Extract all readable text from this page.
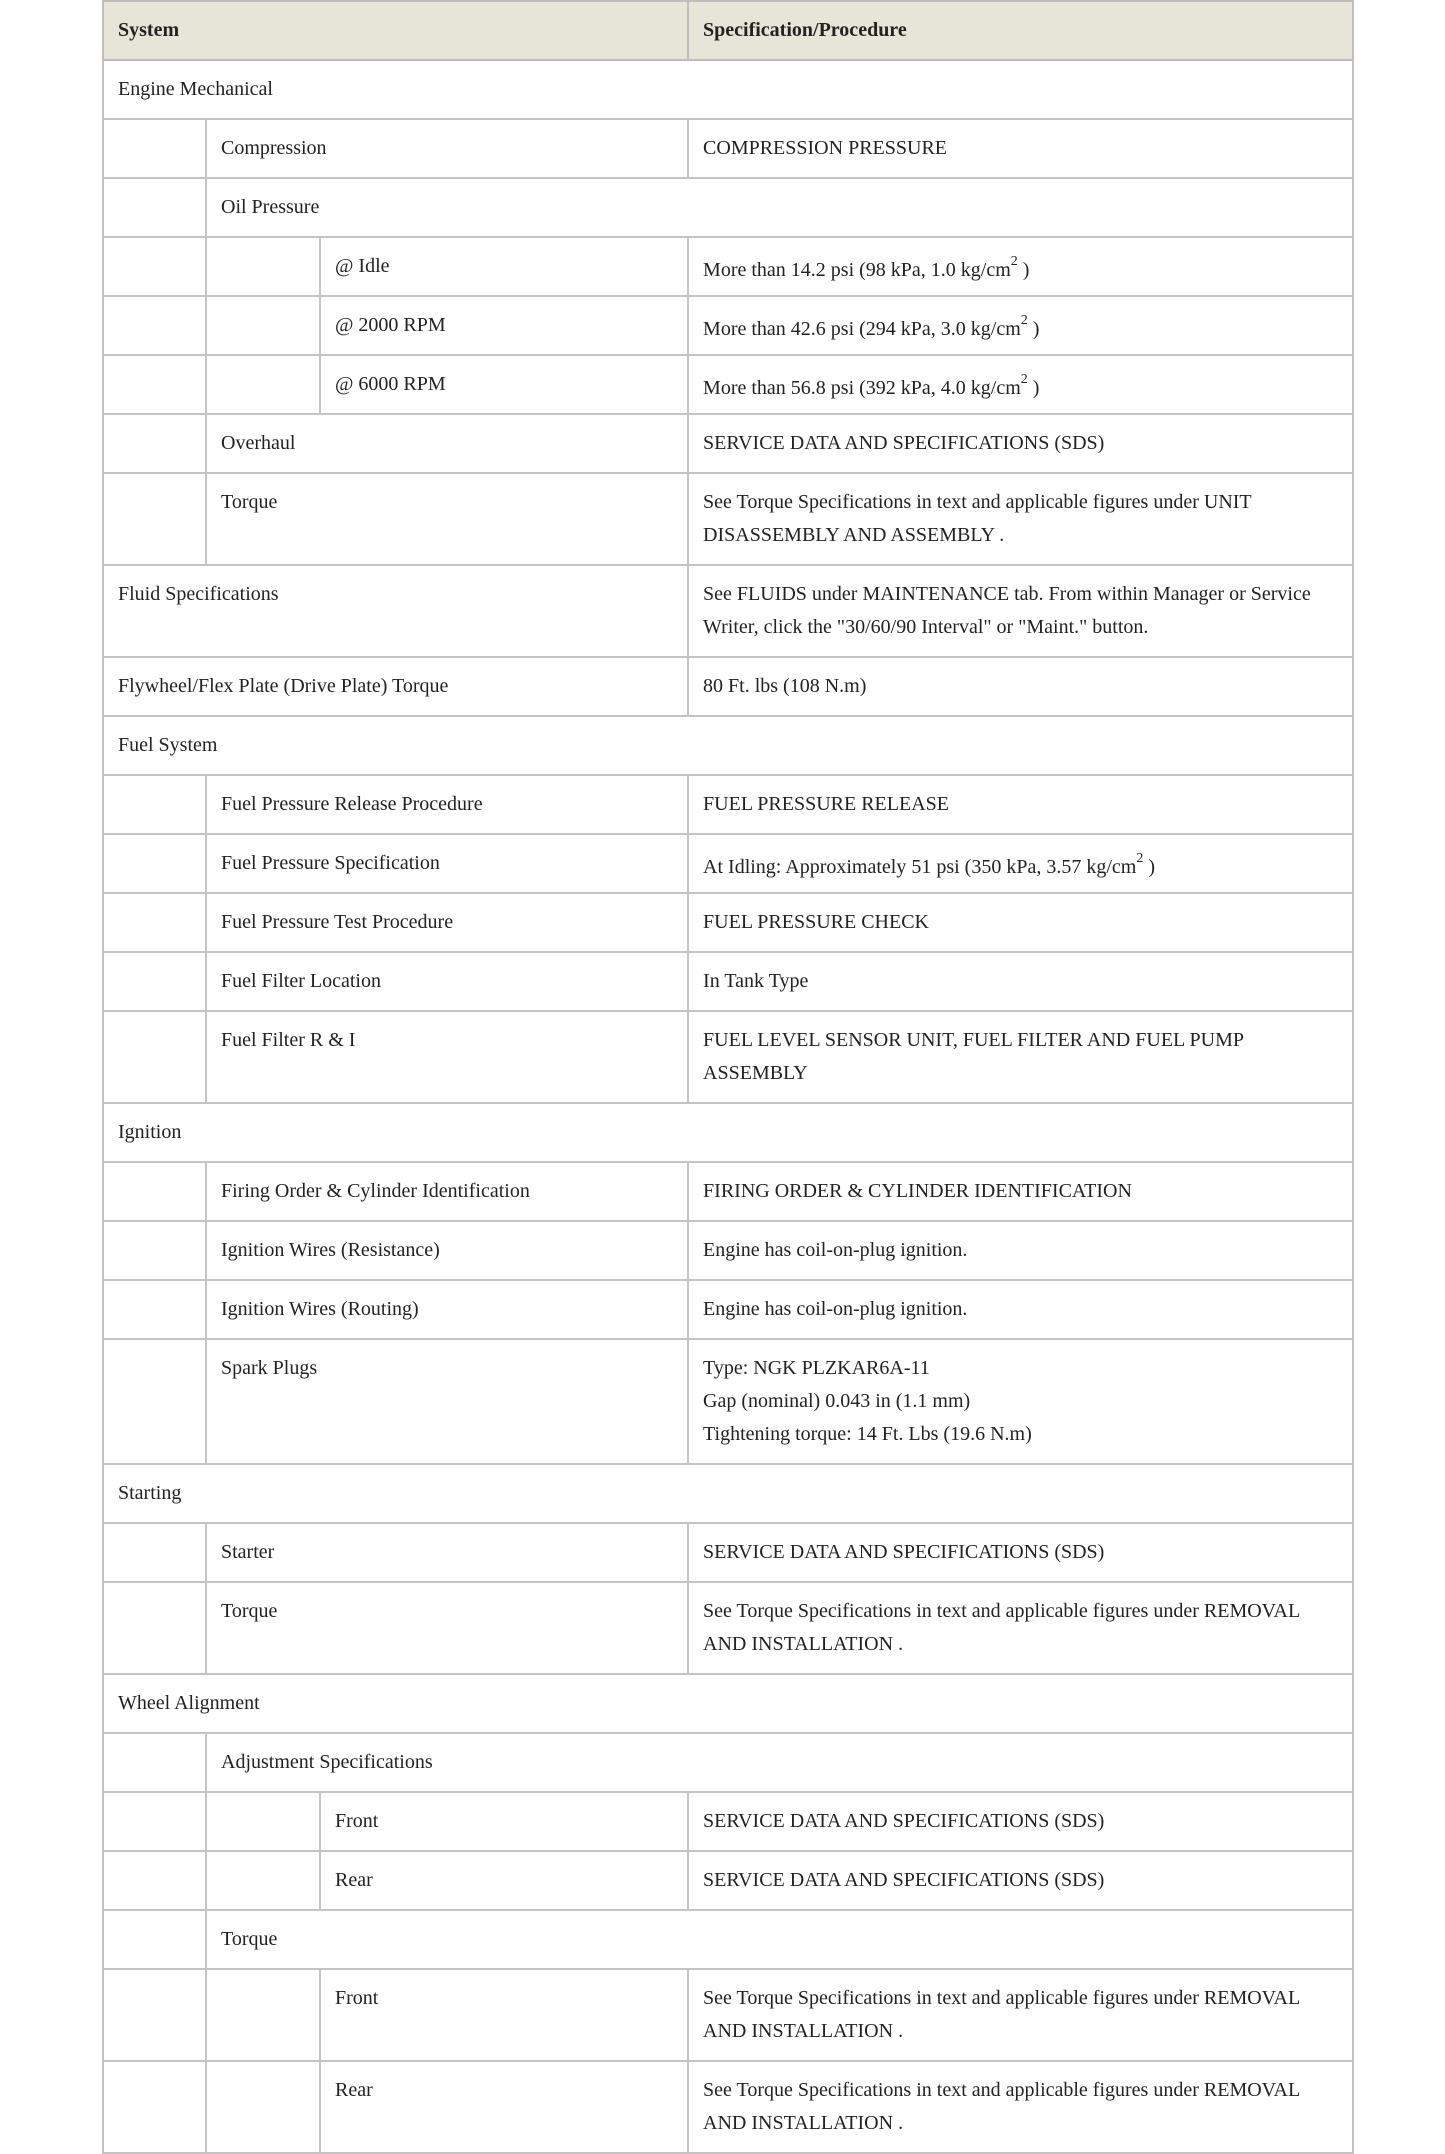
System			Specification/Procedure
Engine Mechanical			
	Compression		COMPRESSION PRESSURE
	Oil Pressure		
		@ Idle	More than 14.2 psi (98 kPa, 1.0 $kg/cm^2$ )
		@ 2000 RPM	More than 42.6 psi (294 kPa, 3.0 $kg/cm^2$ )
		@ 6000 RPM	More than 56.8 psi (392 kPa, 4.0 $kg/cm^2$ )
	Overhaul		SERVICE DATA AND SPECIFICATIONS (SDS)
	Torque		See Torque Specifications in text and applicable figures under UNIT DISASSEMBLY AND ASSEMBLY .
Fluid Specifications			See FLUIDS under MAINTENANCE tab. From within Manager or Service Writer, click the "30/60/90 Interval" or "Maint." button.
Flywheel/Flex Plate (Drive Plate) Torque			80 Ft. lbs (108 N.m)
Fuel System			
	Fuel Pressure Release Procedure		FUEL PRESSURE RELEASE
	Fuel Pressure Specification		At Idling: Approximately 51 psi (350 kPa, 3.57 $kg/cm^2$ )
	Fuel Pressure Test Procedure		FUEL PRESSURE CHECK
	Fuel Filter Location		In Tank Type
	Fuel Filter R & I		FUEL LEVEL SENSOR UNIT, FUEL FILTER AND FUEL PUMP ASSEMBLY
Ignition			
	Firing Order & Cylinder Identification		FIRING ORDER & CYLINDER IDENTIFICATION
	Ignition Wires (Resistance)		Engine has coil-on-plug ignition.
	Ignition Wires (Routing)		Engine has coil-on-plug ignition.
	Spark Plugs		Type: NGK PLZKAR6A-11
Gap (nominal) 0.043 in (1.1 mm)
Tightening torque: 14 Ft. Lbs (19.6 N.m)

Starting			
	Starter		SERVICE DATA AND SPECIFICATIONS (SDS)
	Torque		See Torque Specifications in text and applicable figures under REMOVAL AND INSTALLATION .
Wheel Alignment			
	Adjustment Specifications		
		Front	SERVICE DATA AND SPECIFICATIONS (SDS)
		Rear	SERVICE DATA AND SPECIFICATIONS (SDS)
	Torque		
		Front	See Torque Specifications in text and applicable figures under REMOVAL AND INSTALLATION .
		Rear	See Torque Specifications in text and applicable figures under REMOVAL AND INSTALLATION .
